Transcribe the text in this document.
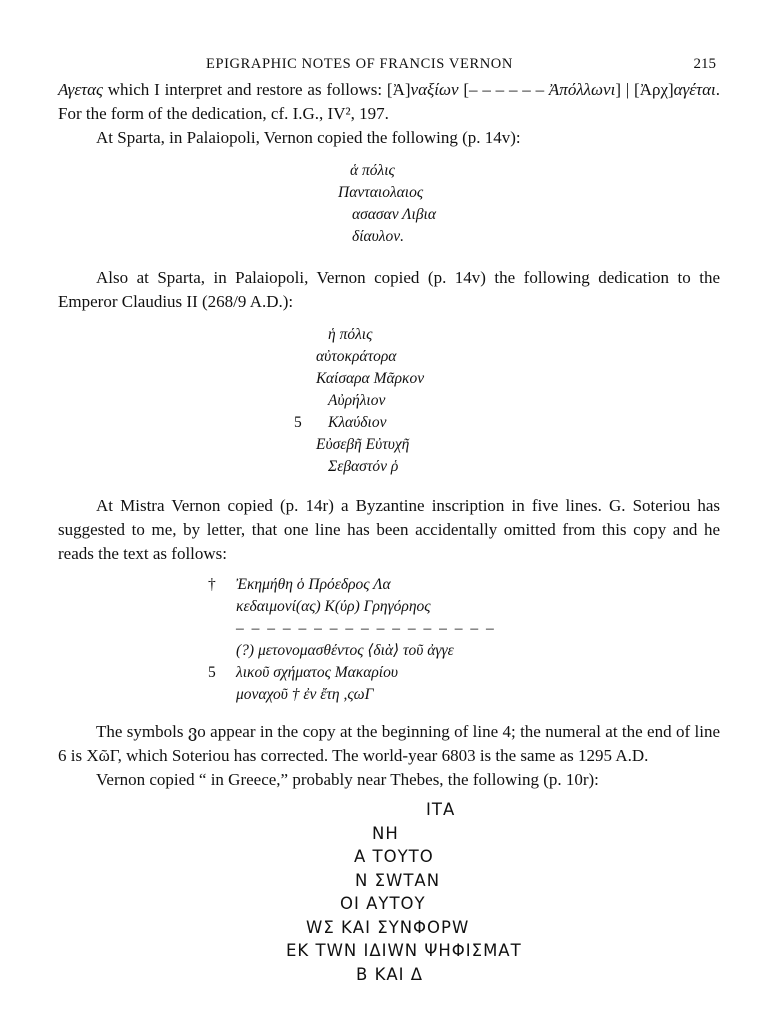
EPIGRAPHIC NOTES OF FRANCIS VERNON	215

Αγετας which I interpret and restore as follows: [Ἀ]ναξίων [– – – – – – Ἀπόλλωνι] | [Ἀρχ]αγέται. For the form of the dedication, cf. I.G., IV², 197.

At Sparta, in Palaiopoli, Vernon copied the following (p. 14v):

ἁ πόλις
Πανταιολαιος
ασασαν Λιβια
δίαυλον.

Also at Sparta, in Palaiopoli, Vernon copied (p. 14v) the following dedication to the Emperor Claudius II (268/9 A.D.):

ἡ πόλις
αὐτοκράτορα
Καίσαρα Μᾶρκον
Αὐρήλιον
5 Κλαύδιον
Εὐσεβῆ Εὐτυχῆ
Σεβαστόν ῥ

At Mistra Vernon copied (p. 14r) a Byzantine inscription in five lines. G. Soteriou has suggested to me, by letter, that one line has been accidentally omitted from this copy and he reads the text as follows:

† Ἐκημήθη ὁ Πρόεδρος Λα
κεδαιμονί(ας) Κ(ύρ) Γρηγόρηος
– – – – – – – – – – – – – – – – –
(?) μετονομασθέντος ⟨διὰ⟩ τοῦ ἀγγε
5 λικοῦ σχήματος Μακαρίου
μοναχοῦ † ἐν ἔτη ,ςωΓ

The symbols ვo appear in the copy at the beginning of line 4; the numeral at the end of line 6 is ΧῶΓ, which Soteriou has corrected. The world-year 6803 is the same as 1295 A.D.

Vernon copied “ in Greece,” probably near Thebes, the following (p. 10r):

ΙΤΑ
ΝΗ
Α ΤΟΥΤΟ
Ν ΣWΤΑΝ
ΟΙ ΑΥΤΟΥ
WΣ ΚΑΙ ΣΥΝΦΟΡW
ΕΚ ΤWΝ ΙΔΙWΝ ΨΗΦΙΣΜΑΤ
Β ΚΑΙ Δ
